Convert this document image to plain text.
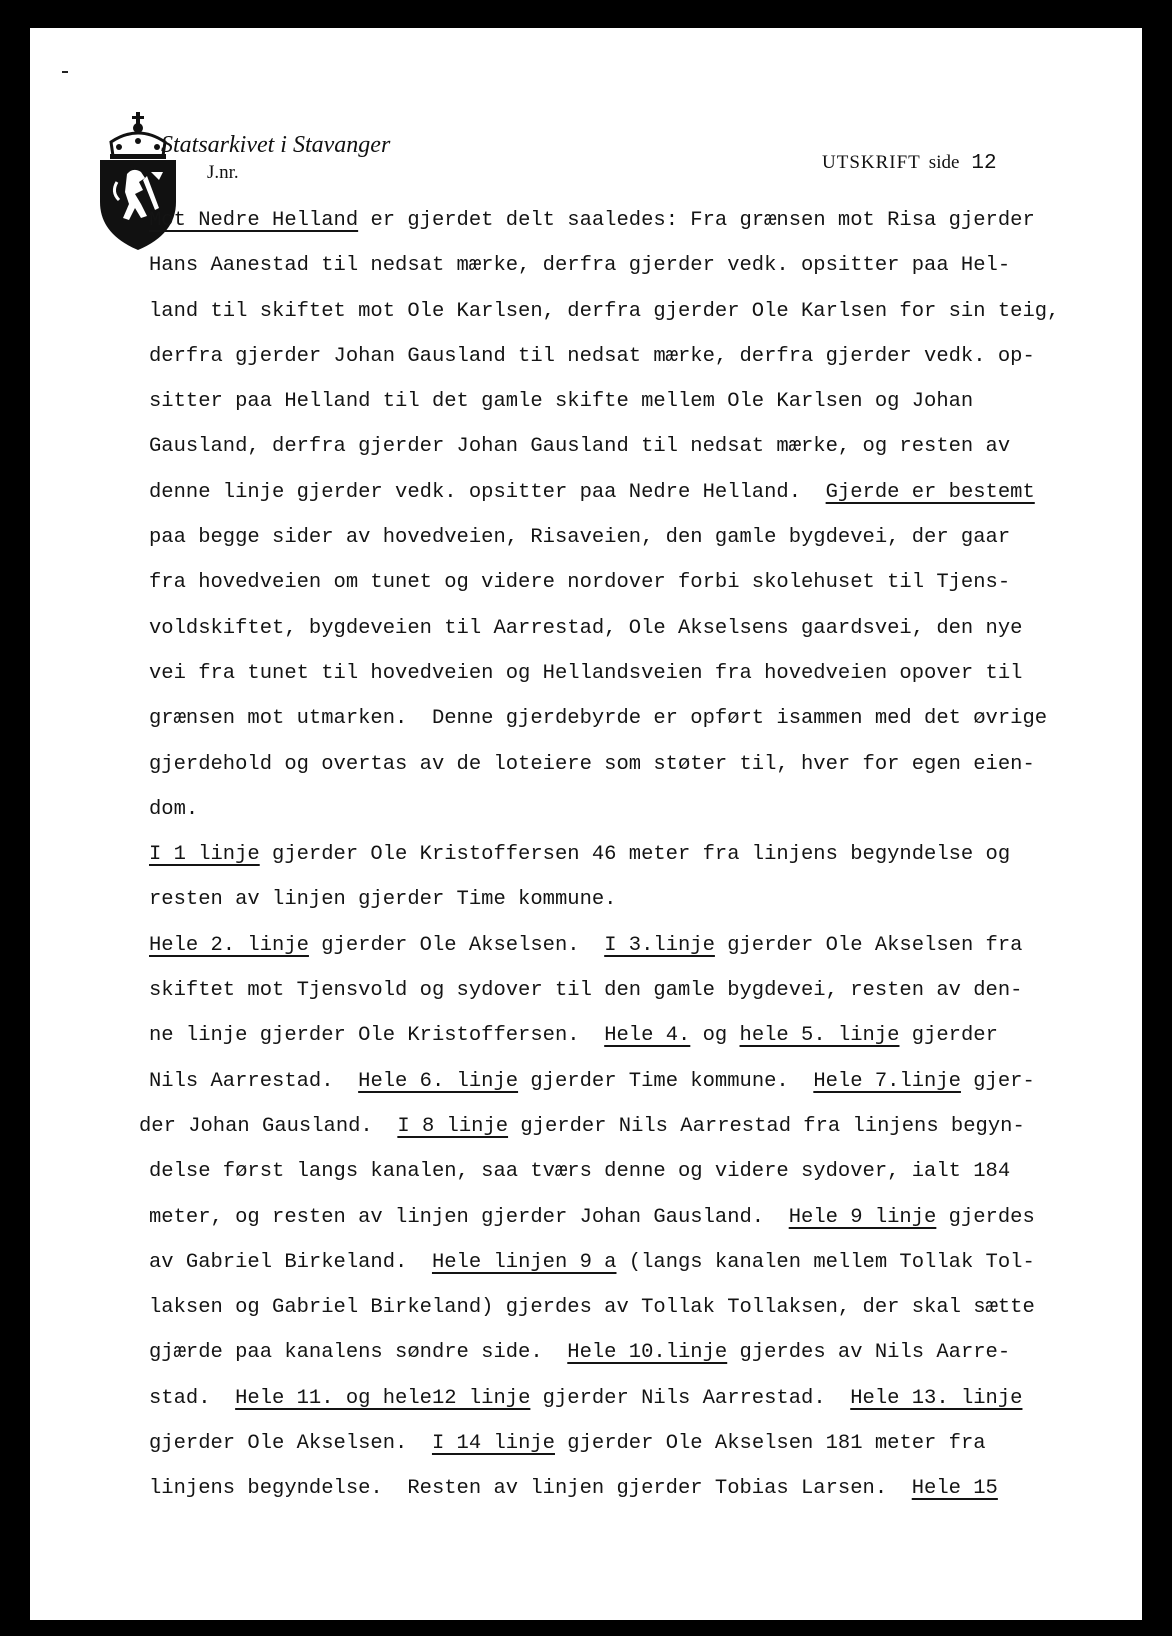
Statsarkivet i Stavanger
J.nr.	UTSKRIFT side 12
Mot Nedre Helland er gjerdet delt saaledes: Fra grænsen mot Risa gjerder
Hans Aanestad til nedsat mærke, derfra gjerder vedk. opsitter paa Hel-
land til skiftet mot Ole Karlsen, derfra gjerder Ole Karlsen for sin teig,
derfra gjerder Johan Gausland til nedsat mærke, derfra gjerder vedk. op-
sitter paa Helland til det gamle skifte mellem Ole Karlsen og Johan
Gausland, derfra gjerder Johan Gausland til nedsat mærke, og resten av
denne linje gjerder vedk. opsitter paa Nedre Helland.  Gjerde er bestemt
paa begge sider av hovedveien, Risaveien, den gamle bygdevei, der gaar
fra hovedveien om tunet og videre nordover forbi skolehuset til Tjens-
voldskiftet, bygdeveien til Aarrestad, Ole Akselsens gaardsvei, den nye
vei fra tunet til hovedveien og Hellandsveien fra hovedveien opover til
grænsen mot utmarken.  Denne gjerdebyrde er opført isammen med det øvrige
gjerdehold og overtas av de loteiere som støter til, hver for egen eien-
dom.
I 1 linje gjerder Ole Kristoffersen 46 meter fra linjens begyndelse og
resten av linjen gjerder Time kommune.
Hele 2. linje gjerder Ole Akselsen.  I 3.linje gjerder Ole Akselsen fra
skiftet mot Tjensvold og sydover til den gamle bygdevei, resten av den-
ne linje gjerder Ole Kristoffersen.  Hele 4. og hele 5. linje gjerder
Nils Aarrestad.  Hele 6. linje gjerder Time kommune.  Hele 7.linje gjer-
der Johan Gausland.  I 8 linje gjerder Nils Aarrestad fra linjens begyn-
delse først langs kanalen, saa tværs denne og videre sydover, ialt 184
meter, og resten av linjen gjerder Johan Gausland.  Hele 9 linje gjerdes
av Gabriel Birkeland.  Hele linjen 9 a (langs kanalen mellem Tollak Tol-
laksen og Gabriel Birkeland) gjerdes av Tollak Tollaksen, der skal sætte
gjærde paa kanalens søndre side.  Hele 10.linje gjerdes av Nils Aarre-
stad.  Hele 11. og hele12 linje gjerder Nils Aarrestad.  Hele 13. linje
gjerder Ole Akselsen.  I 14 linje gjerder Ole Akselsen 181 meter fra
linjens begyndelse.  Resten av linjen gjerder Tobias Larsen.  Hele 15
